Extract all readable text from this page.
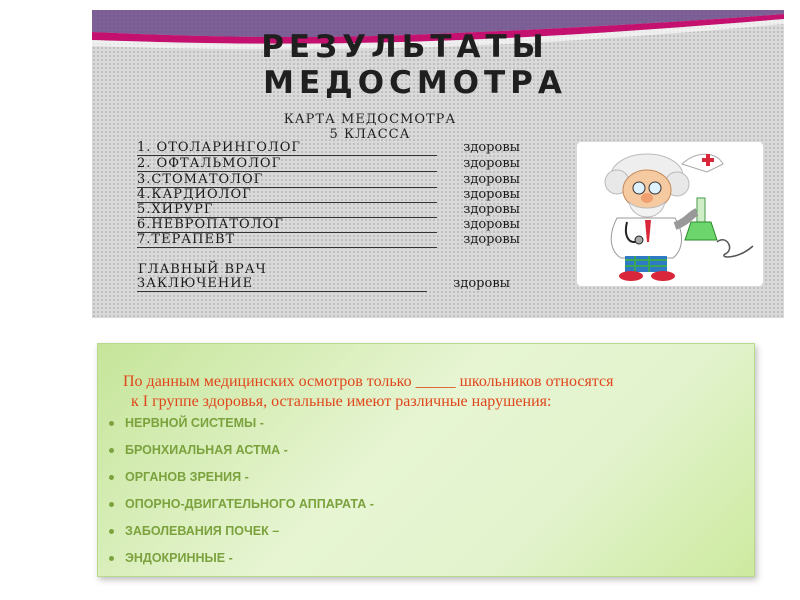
РЕЗУЛЬТАТЫ
МЕДОСМОТРА
КАРТА МЕДОСМОТРА
5 КЛАССА
1. ОТОЛАРИНГОЛОГ	здоровы
2. ОФТАЛЬМОЛОГ	здоровы
3.СТОМАТОЛОГ	здоровы
4.КАРДИОЛОГ	здоровы
5.ХИРУРГ	здоровы
6.НЕВРОПАТОЛОГ	здоровы
7.ТЕРАПЕВТ	здоровы
ГЛАВНЫЙ ВРАЧ
ЗАКЛЮЧЕНИЕ	здоровы
По данным медицинских осмотров только _____ школьников относятся
к I группе здоровья, остальные имеют различные нарушения:
НЕРВНОЙ СИСТЕМЫ -
БРОНХИАЛЬНАЯ АСТМА -
ОРГАНОВ ЗРЕНИЯ -
ОПОРНО-ДВИГАТЕЛЬНОГО АППАРАТА -
ЗАБОЛЕВАНИЯ ПОЧЕК –
ЭНДОКРИННЫЕ -
